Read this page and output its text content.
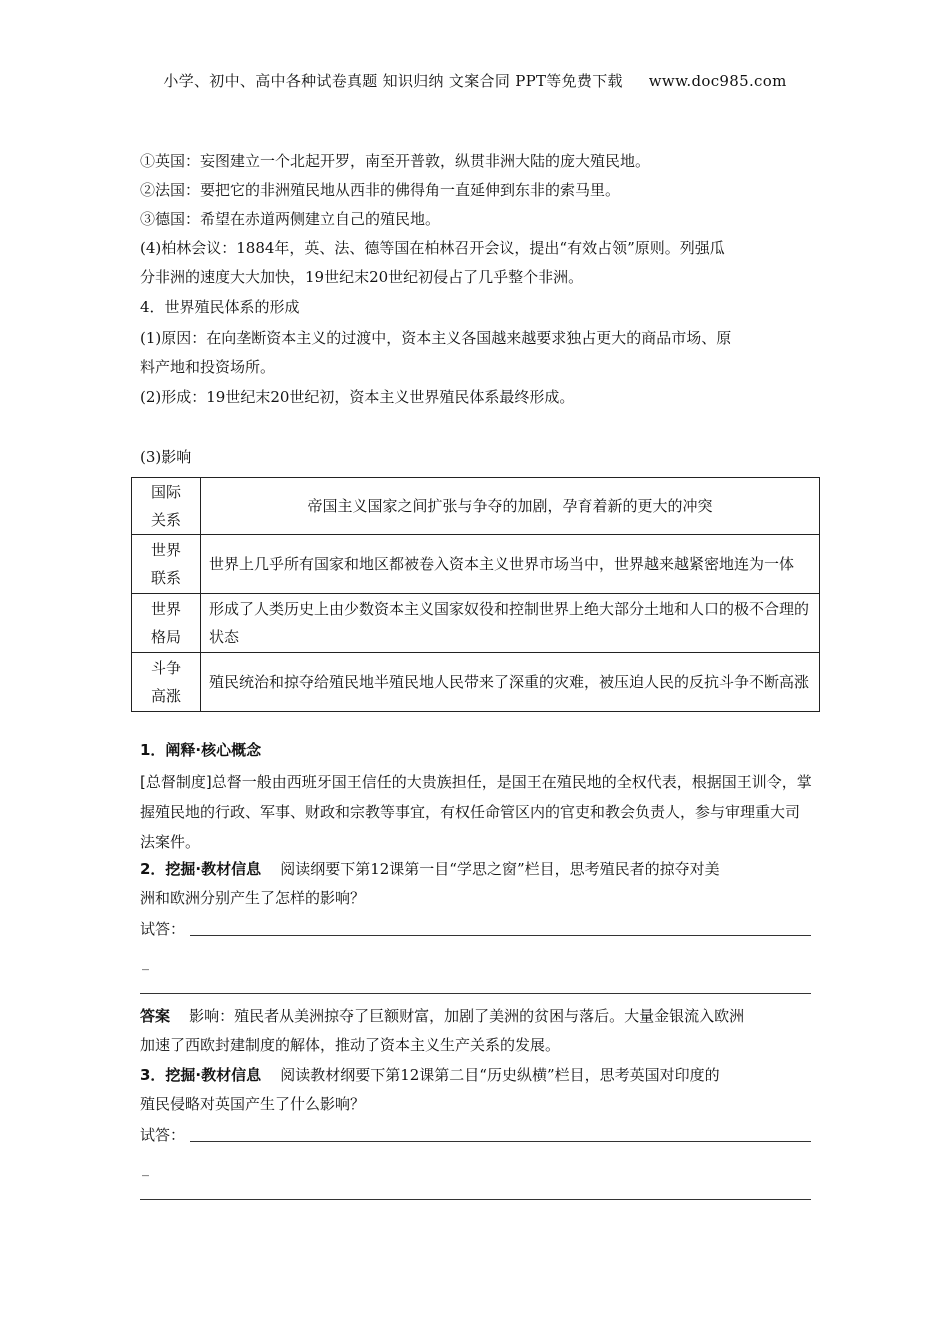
小学、初中、高中各种试卷真题 知识归纳 文案合同 PPT等免费下载 www.doc985.com
①英国：妄图建立一个北起开罗，南至开普敦，纵贯非洲大陆的庞大殖民地。
②法国：要把它的非洲殖民地从西非的佛得角一直延伸到东非的索马里。
③德国：希望在赤道两侧建立自己的殖民地。
(4)柏林会议：1884年，英、法、德等国在柏林召开会议，提出“有效占领”原则。列强瓜
分非洲的速度大大加快，19世纪末20世纪初侵占了几乎整个非洲。
4．世界殖民体系的形成
(1)原因：在向垄断资本主义的过渡中，资本主义各国越来越要求独占更大的商品市场、原
料产地和投资场所。
(2)形成：19世纪末20世纪初，资本主义世界殖民体系最终形成。
(3)影响
国际
关系	帝国主义国家之间扩张与争夺的加剧，孕育着新的更大的冲突
世界
联系	世界上几乎所有国家和地区都被卷入资本主义世界市场当中，世界越来越紧密地连为一体
世界
格局	形成了人类历史上由少数资本主义国家奴役和控制世界上绝大部分土地和人口的极不合理的状态
斗争
高涨	殖民统治和掠夺给殖民地半殖民地人民带来了深重的灾难，被压迫人民的反抗斗争不断高涨
1．阐释·核心概念
[总督制度]总督一般由西班牙国王信任的大贵族担任，是国王在殖民地的全权代表，根据国王训令，掌握殖民地的行政、军事、财政和宗教等事宜，有权任命管区内的官吏和教会负责人，参与审理重大司法案件。
2．挖掘·教材信息 阅读纲要下第12课第一目“学思之窗”栏目，思考殖民者的掠夺对美
洲和欧洲分别产生了怎样的影响？
试答：
_
答案 影响：殖民者从美洲掠夺了巨额财富，加剧了美洲的贫困与落后。大量金银流入欧洲
加速了西欧封建制度的解体，推动了资本主义生产关系的发展。
3．挖掘·教材信息 阅读教材纲要下第12课第二目“历史纵横”栏目，思考英国对印度的
殖民侵略对英国产生了什么影响？
试答：
_
